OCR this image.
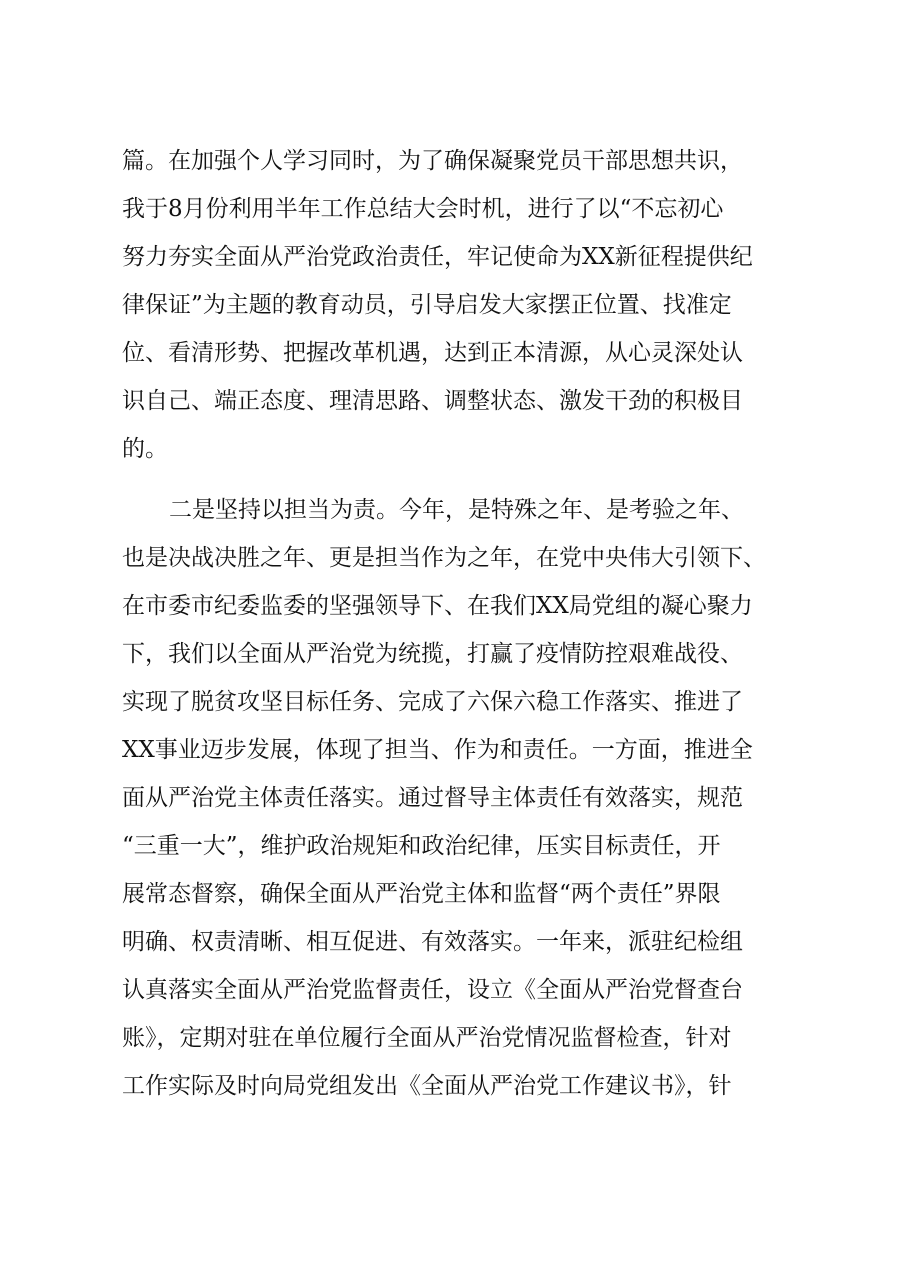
篇。在加强个人学习同时，为了确保凝聚党员干部思想共识，
我于8月份利用半年工作总结大会时机，进行了以“不忘初心
努力夯实全面从严治党政治责任，牢记使命为XX新征程提供纪
律保证”为主题的教育动员，引导启发大家摆正位置、找准定
位、看清形势、把握改革机遇，达到正本清源，从心灵深处认
识自己、端正态度、理清思路、调整状态、激发干劲的积极目
的。
二是坚持以担当为责。今年，是特殊之年、是考验之年、
也是决战决胜之年、更是担当作为之年，在党中央伟大引领下、
在市委市纪委监委的坚强领导下、在我们XX局党组的凝心聚力
下，我们以全面从严治党为统揽，打赢了疫情防控艰难战役、
实现了脱贫攻坚目标任务、完成了六保六稳工作落实、推进了
XX事业迈步发展，体现了担当、作为和责任。一方面，推进全
面从严治党主体责任落实。通过督导主体责任有效落实，规范
“三重一大”，维护政治规矩和政治纪律，压实目标责任，开
展常态督察，确保全面从严治党主体和监督“两个责任”界限
明确、权责清晰、相互促进、有效落实。一年来，派驻纪检组
认真落实全面从严治党监督责任，设立《全面从严治党督查台
账》，定期对驻在单位履行全面从严治党情况监督检查，针对
工作实际及时向局党组发出《全面从严治党工作建议书》，针
